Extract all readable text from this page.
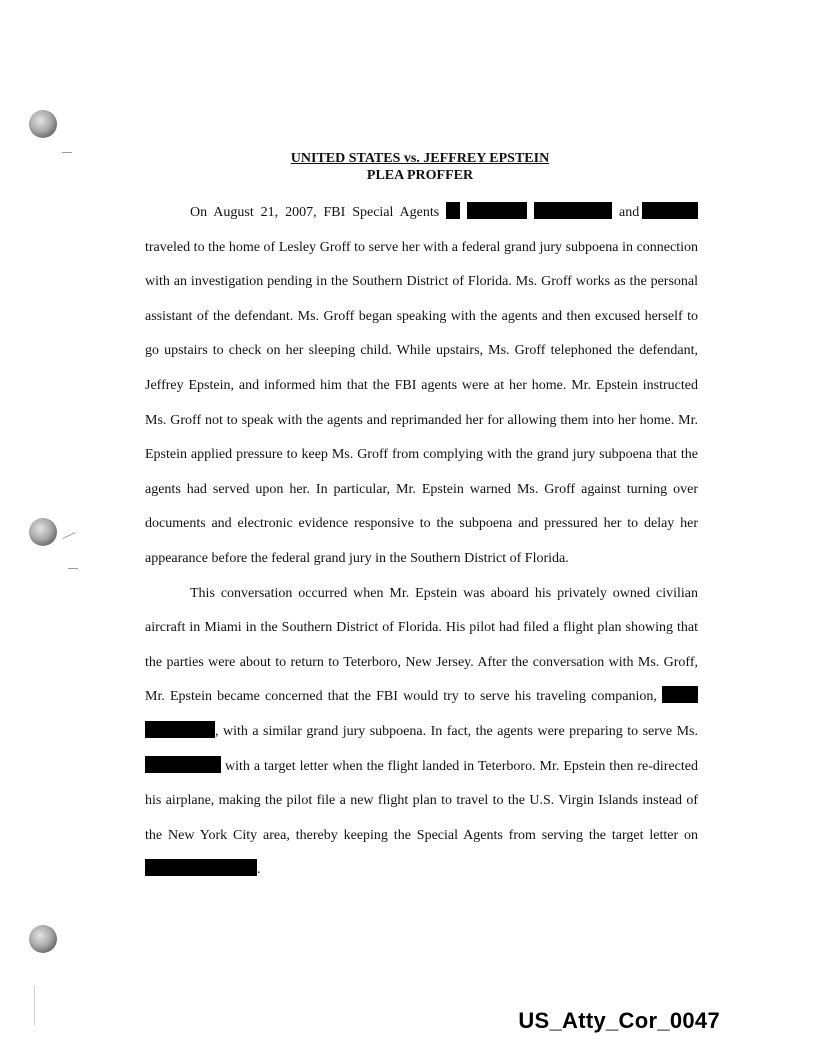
UNITED STATES vs. JEFFREY EPSTEIN
PLEA PROFFER

On August 21, 2007, FBI Special Agents	and   traveled to the home of Lesley Groff to serve her with a federal grand jury subpoena in connection with an investigation pending in the Southern District of Florida. Ms. Groff works as the personal assistant of the defendant. Ms. Groff began speaking with the agents and then excused herself to go upstairs to check on her sleeping child. While upstairs, Ms. Groff telephoned the defendant, Jeffrey Epstein, and informed him that the FBI agents were at her home. Mr. Epstein instructed Ms. Groff not to speak with the agents and reprimanded her for allowing them into her home. Mr. Epstein applied pressure to keep Ms. Groff from complying with the grand jury subpoena that the agents had served upon her. In particular, Mr. Epstein warned Ms. Groff against turning over documents and electronic evidence responsive to the subpoena and pressured her to delay her appearance before the federal grand jury in the Southern District of Florida.

This conversation occurred when Mr. Epstein was aboard his privately owned civilian aircraft in Miami in the Southern District of Florida. His pilot had filed a flight plan showing that the parties were about to return to Teterboro, New Jersey. After the conversation with Ms. Groff, Mr. Epstein became concerned that the FBI would try to serve his traveling companion, , with a similar grand jury subpoena. In fact, the agents were preparing to serve Ms.  with a target letter when the flight landed in Teterboro. Mr. Epstein then re-directed his airplane, making the pilot file a new flight plan to travel to the U.S. Virgin Islands instead of the New York City area, thereby keeping the Special Agents from serving the target letter on .

US_Atty_Cor_0047
